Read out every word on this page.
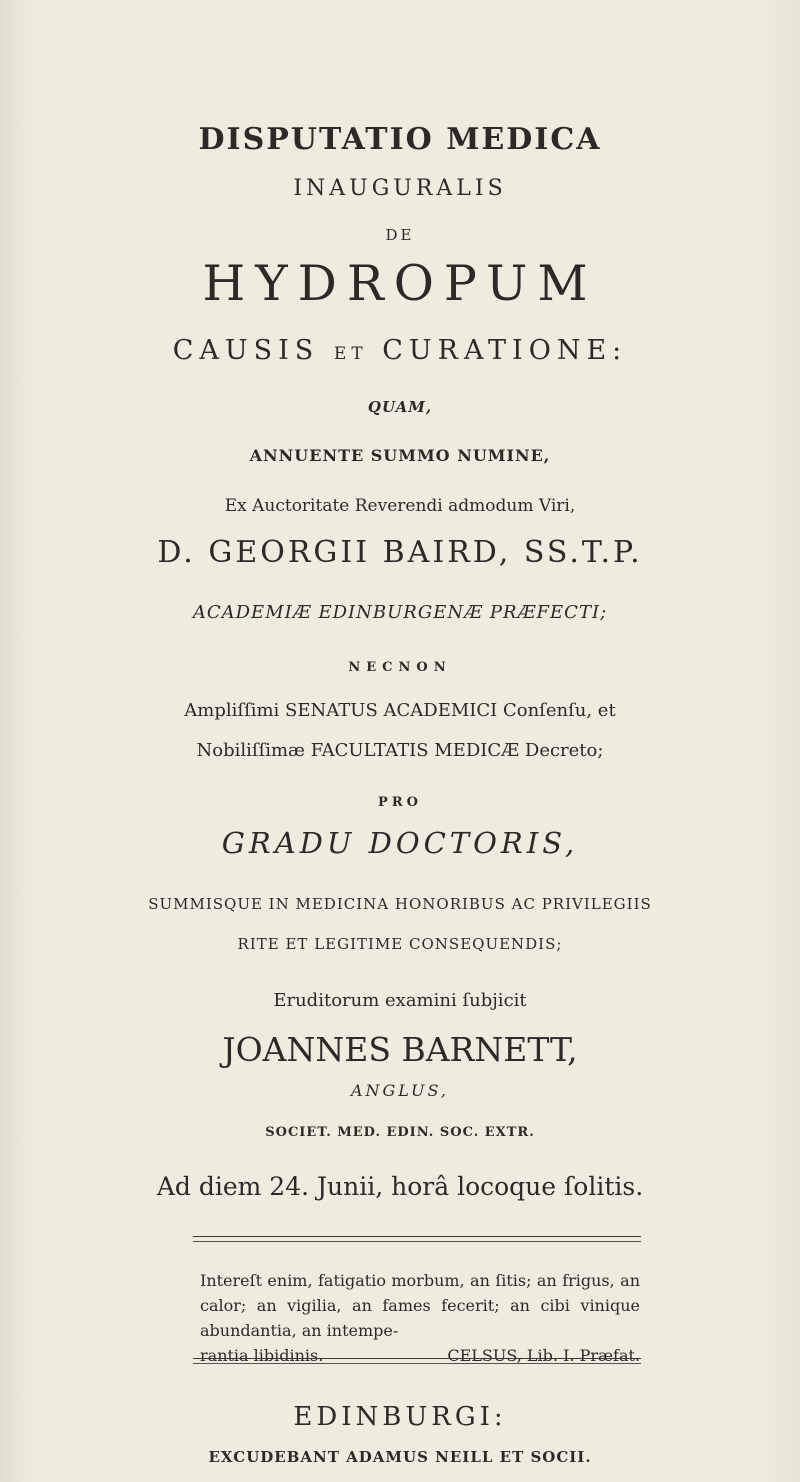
DISPUTATIO MEDICA
INAUGURALIS
DE
HYDROPUM
CAUSIS ET CURATIONE:
QUAM,
ANNUENTE SUMMO NUMINE,
Ex Auctoritate Reverendi admodum Viri,
D. GEORGII BAIRD, SS.T.P.
ACADEMIÆ EDINBURGENÆ PRÆFECTI;
NECNON
Ampliſſimi SENATUS ACADEMICI Conſenſu, et
Nobiliſſimæ FACULTATIS MEDICÆ Decreto;
PRO
GRADU DOCTORIS,
SUMMISQUE IN MEDICINA HONORIBUS AC PRIVILEGIIS
RITE ET LEGITIME CONSEQUENDIS;
Eruditorum examini ſubjicit
JOANNES BARNETT,
ANGLUS,
SOCIET. MED. EDIN. SOC. EXTR.
Ad diem 24. Junii, horâ locoque ſolitis.
Intereſt enim, fatigatio morbum, an ſitis; an frigus, an calor; an vigilia, an fames fecerit; an cibi vinique abundantia, an intempe-
rantia libidinis.	CELSUS, Lib. I. Præfat.
EDINBURGI:
EXCUDEBANT ADAMUS NEILL ET SOCII.
